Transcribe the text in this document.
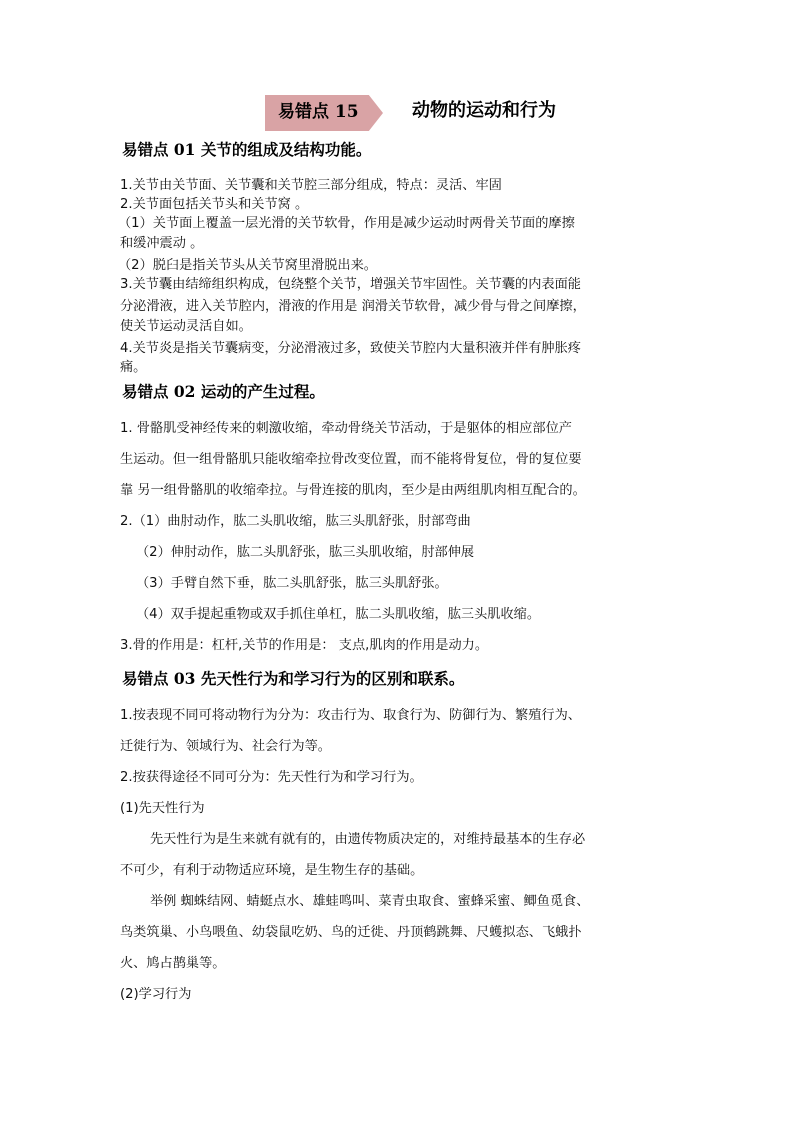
易错点 15	动物的运动和行为
易错点 01 关节的组成及结构功能。
1.关节由关节面、关节囊和关节腔三部分组成，特点：灵活、牢固
2.关节面包括关节头和关节窝 。
（1）关节面上覆盖一层光滑的关节软骨，作用是减少运动时两骨关节面的摩擦
和缓冲震动 。
（2）脱臼是指关节头从关节窝里滑脱出来。
3.关节囊由结缔组织构成，包绕整个关节，增强关节牢固性。关节囊的内表面能
分泌滑液，进入关节腔内，滑液的作用是 润滑关节软骨，减少骨与骨之间摩擦，
使关节运动灵活自如。
4.关节炎是指关节囊病变，分泌滑液过多，致使关节腔内大量积液并伴有肿胀疼
痛。
易错点 02 运动的产生过程。
1. 骨骼肌受神经传来的刺激收缩，牵动骨绕关节活动，于是躯体的相应部位产
生运动。但一组骨骼肌只能收缩牵拉骨改变位置，而不能将骨复位，骨的复位要
靠 另一组骨骼肌的收缩牵拉。与骨连接的肌肉，至少是由两组肌肉相互配合的。
2.（1）曲肘动作，肱二头肌收缩，肱三头肌舒张，肘部弯曲
（2）伸肘动作，肱二头肌舒张，肱三头肌收缩，肘部伸展
（3）手臂自然下垂，肱二头肌舒张，肱三头肌舒张。
（4）双手提起重物或双手抓住单杠，肱二头肌收缩，肱三头肌收缩。
3.骨的作用是：杠杆,关节的作用是： 支点,肌肉的作用是动力。
易错点 03 先天性行为和学习行为的区别和联系。
1.按表现不同可将动物行为分为：攻击行为、取食行为、防御行为、繁殖行为、
迁徙行为、领域行为、社会行为等。
2.按获得途径不同可分为：先天性行为和学习行为。
(1)先天性行为
先天性行为是生来就有就有的，由遗传物质决定的，对维持最基本的生存必
不可少，有利于动物适应环境，是生物生存的基础。
举例 蜘蛛结网、蜻蜓点水、雄蛙鸣叫、菜青虫取食、蜜蜂采蜜、鲫鱼觅食、
鸟类筑巢、小鸟喂鱼、幼袋鼠吃奶、鸟的迁徙、丹顶鹤跳舞、尺蠖拟态、飞蛾扑
火、鸠占鹊巢等。
(2)学习行为
